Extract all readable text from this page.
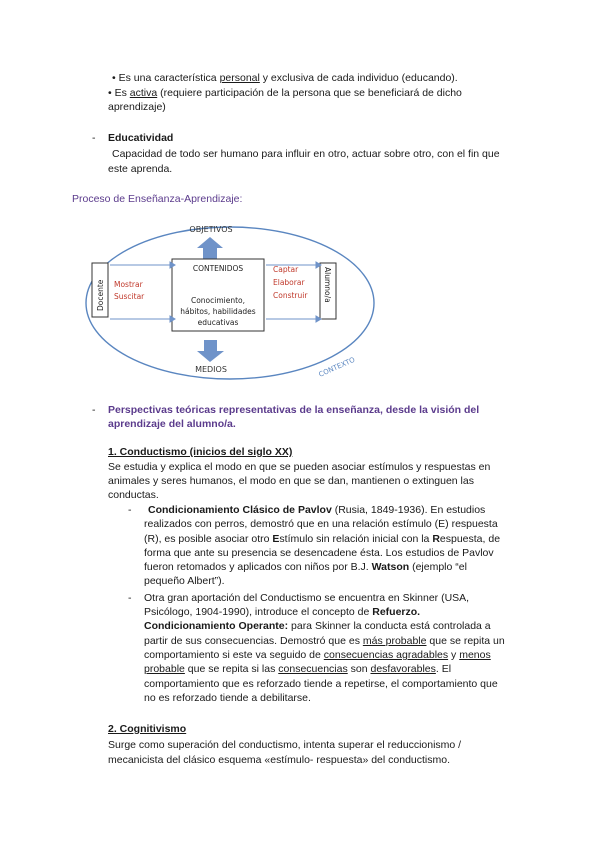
• Es una característica personal y exclusiva de cada individuo (educando).
• Es activa (requiere participación de la persona que se beneficiará de dicho
aprendizaje)
- Educatividad
Capacidad de todo ser humano para influir en otro, actuar sobre otro, con el fin que
este aprenda.
Proceso de Enseñanza-Aprendizaje:
OBJETIVOS
MEDIOS	CONTEXTO
Docente	Alumno/a
CONTENIDOS
Conocimiento,
hábitos, habilidades
educativas
Mostrar
Suscitar
Captar
Elaborar
Construir
- Perspectivas teóricas representativas de la enseñanza, desde la visión del
aprendizaje del alumno/a.
1. Conductismo (inicios del siglo XX)
Se estudia y explica el modo en que se pueden asociar estímulos y respuestas en
animales y seres humanos, el modo en que se dan, mantienen o extinguen las
conductas.
- Condicionamiento Clásico de Pavlov (Rusia, 1849-1936). En estudios
realizados con perros, demostró que en una relación estímulo (E) respuesta
(R), es posible asociar otro Estímulo sin relación inicial con la Respuesta, de
forma que ante su presencia se desencadene ésta. Los estudios de Pavlov
fueron retomados y aplicados con niños por B.J. Watson (ejemplo “el
pequeño Albert”).
- Otra gran aportación del Conductismo se encuentra en Skinner (USA,
Psicólogo, 1904-1990), introduce el concepto de Refuerzo.
Condicionamiento Operante: para Skinner la conducta está controlada a
partir de sus consecuencias. Demostró que es más probable que se repita un
comportamiento si este va seguido de consecuencias agradables y menos
probable que se repita si las consecuencias son desfavorables. El
comportamiento que es reforzado tiende a repetirse, el comportamiento que
no es reforzado tiende a debilitarse.
2. Cognitivismo
Surge como superación del conductismo, intenta superar el reduccionismo /
mecanicista del clásico esquema «estímulo- respuesta» del conductismo.
